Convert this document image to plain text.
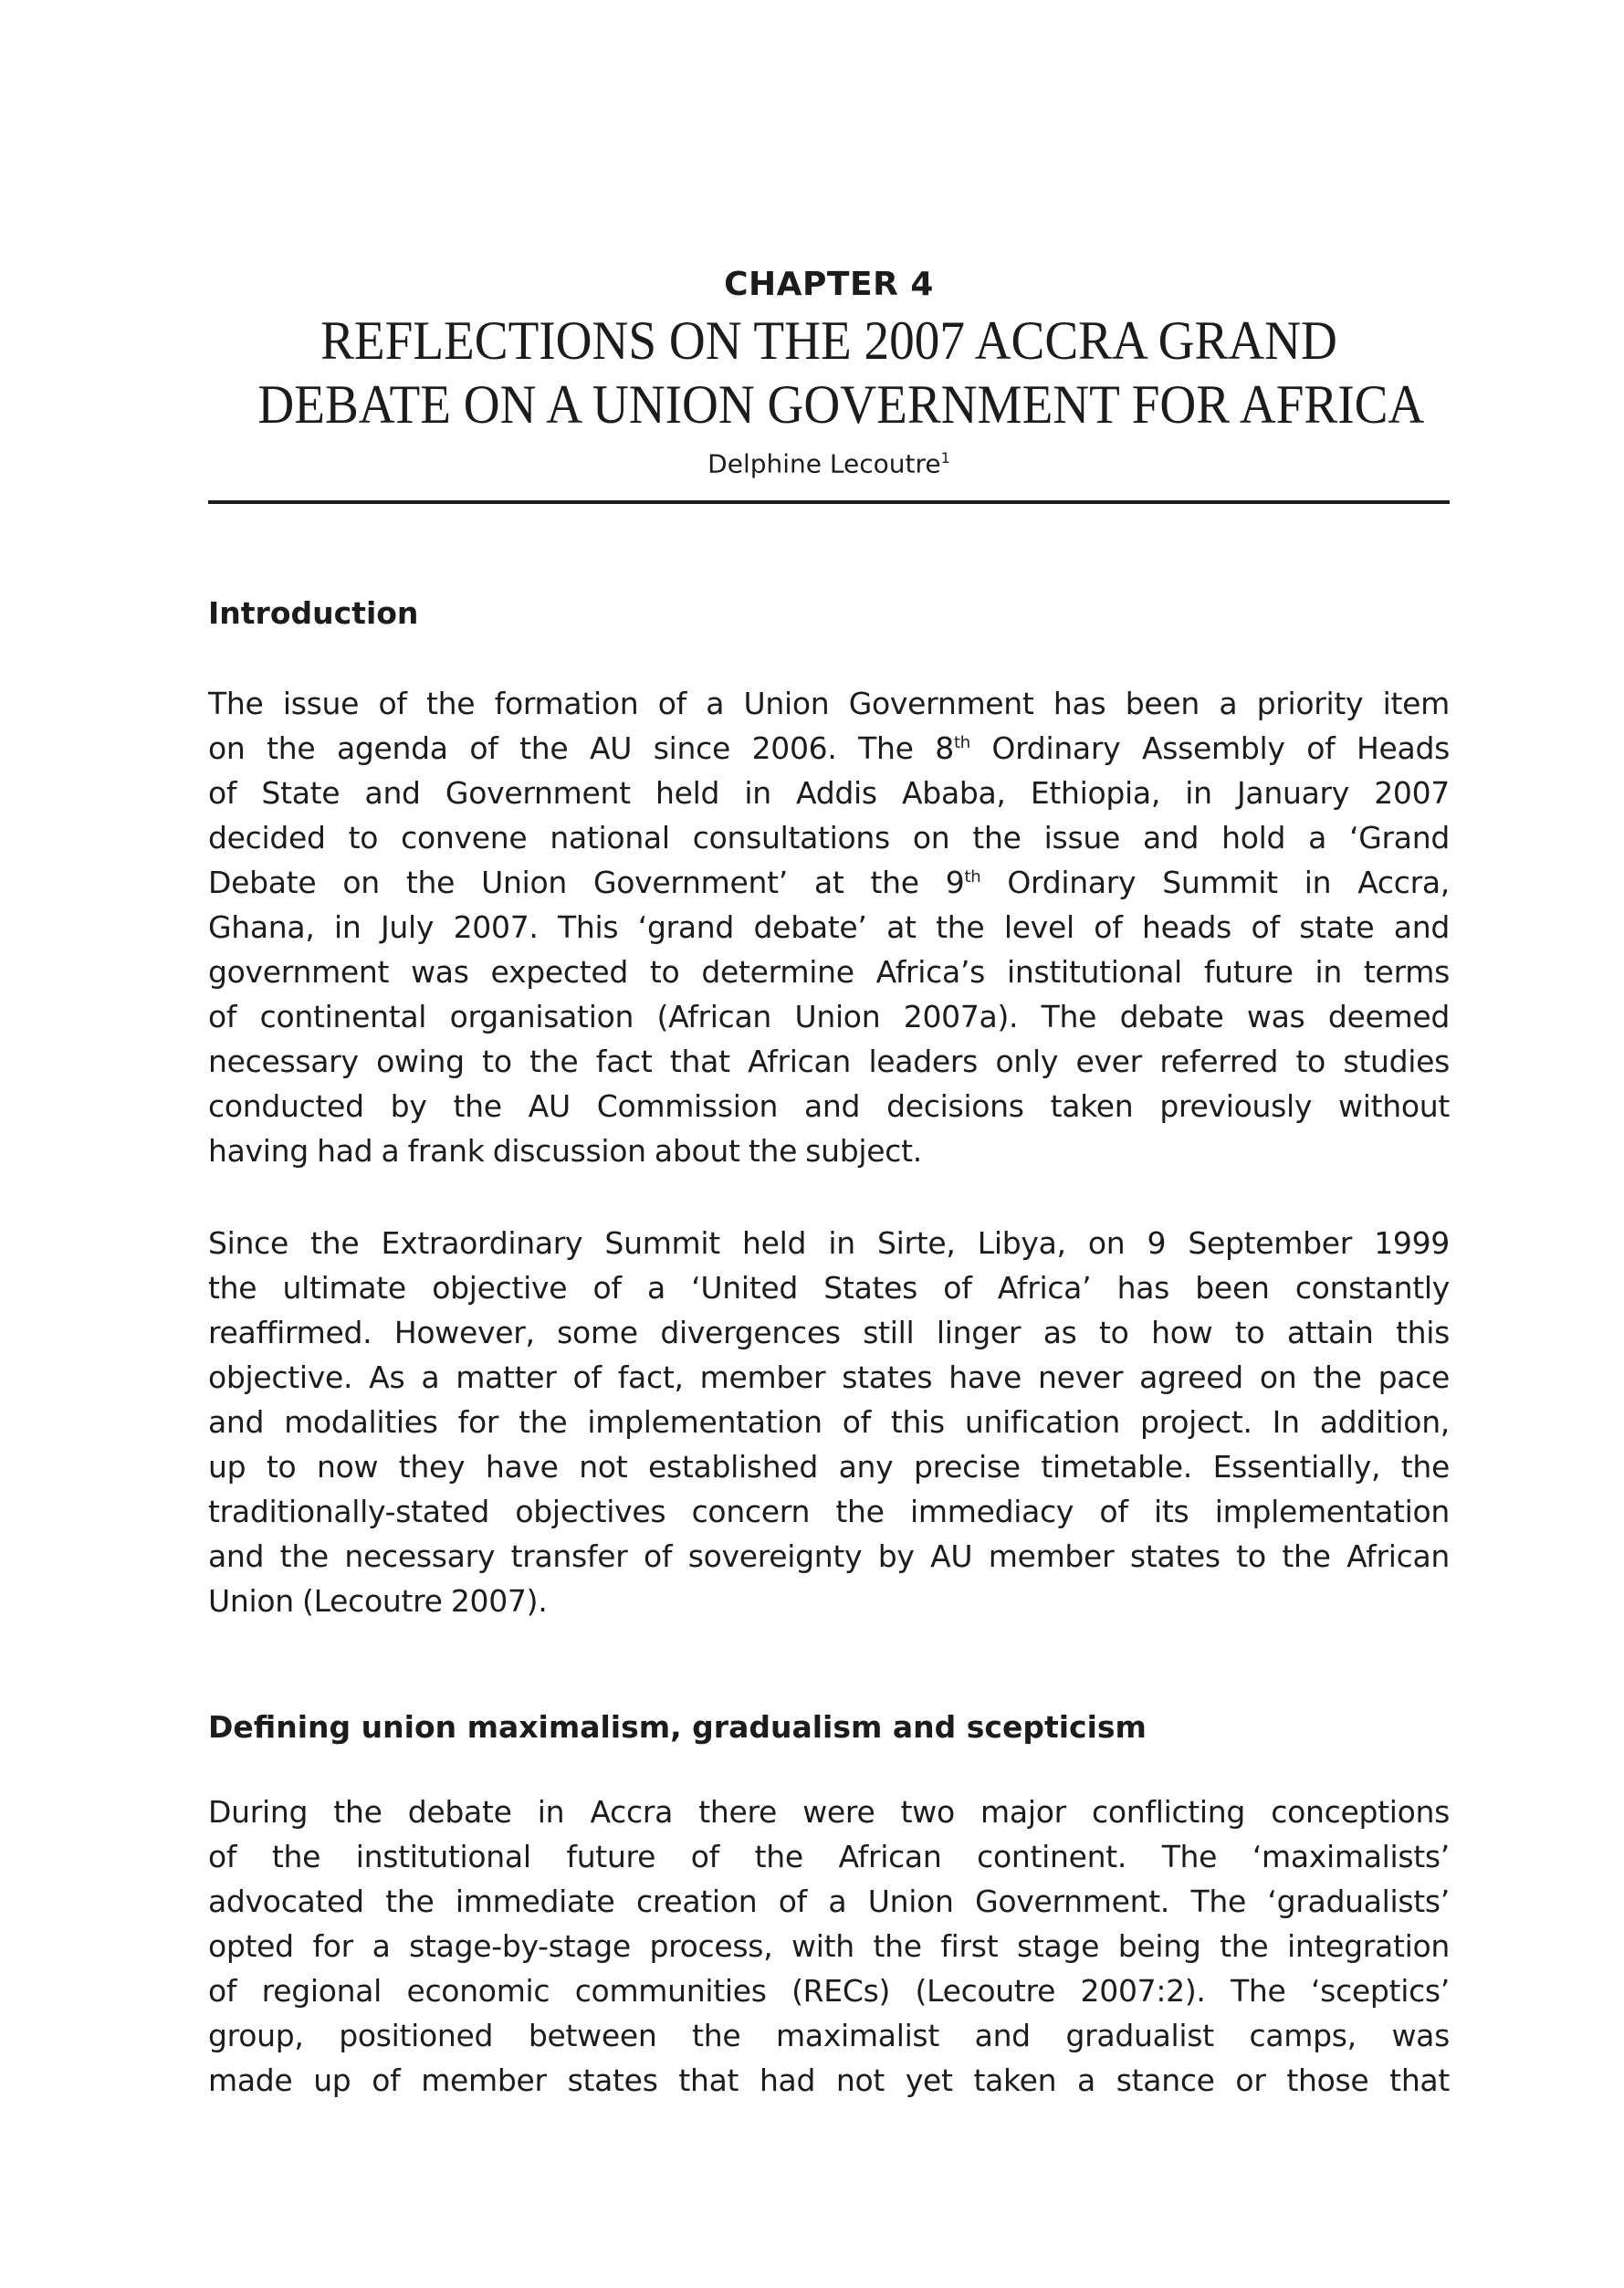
CHAPTER 4

REFLECTIONS ON THE 2007 ACCRA GRAND
DEBATE ON A UNION GOVERNMENT FOR AFRICA
Delphine Lecoutre$^1$
Introduction

The issue of the formation of a Union Government has been a priority item
on the agenda of the AU since 2006. The 8th Ordinary Assembly of Heads
of State and Government held in Addis Ababa, Ethiopia, in January 2007
decided to convene national consultations on the issue and hold a ‘Grand
Debate on the Union Government’ at the 9th Ordinary Summit in Accra,
Ghana, in July 2007. This ‘grand debate’ at the level of heads of state and
government was expected to determine Africa’s institutional future in terms
of continental organisation (African Union 2007a). The debate was deemed
necessary owing to the fact that African leaders only ever referred to studies
conducted by the AU Commission and decisions taken previously without
having had a frank discussion about the subject.

Since the Extraordinary Summit held in Sirte, Libya, on 9 September 1999
the ultimate objective of a ‘United States of Africa’ has been constantly
reaffirmed. However, some divergences still linger as to how to attain this
objective. As a matter of fact, member states have never agreed on the pace
and modalities for the implementation of this unification project. In addition,
up to now they have not established any precise timetable. Essentially, the
traditionally-stated objectives concern the immediacy of its implementation
and the necessary transfer of sovereignty by AU member states to the African
Union (Lecoutre 2007).

Defining union maximalism, gradualism and scepticism

During the debate in Accra there were two major conflicting conceptions
of the institutional future of the African continent. The ‘maximalists’
advocated the immediate creation of a Union Government. The ‘gradualists’
opted for a stage-by-stage process, with the first stage being the integration
of regional economic communities (RECs) (Lecoutre 2007:2). The ‘sceptics’
group, positioned between the maximalist and gradualist camps, was
made up of member states that had not yet taken a stance or those that
